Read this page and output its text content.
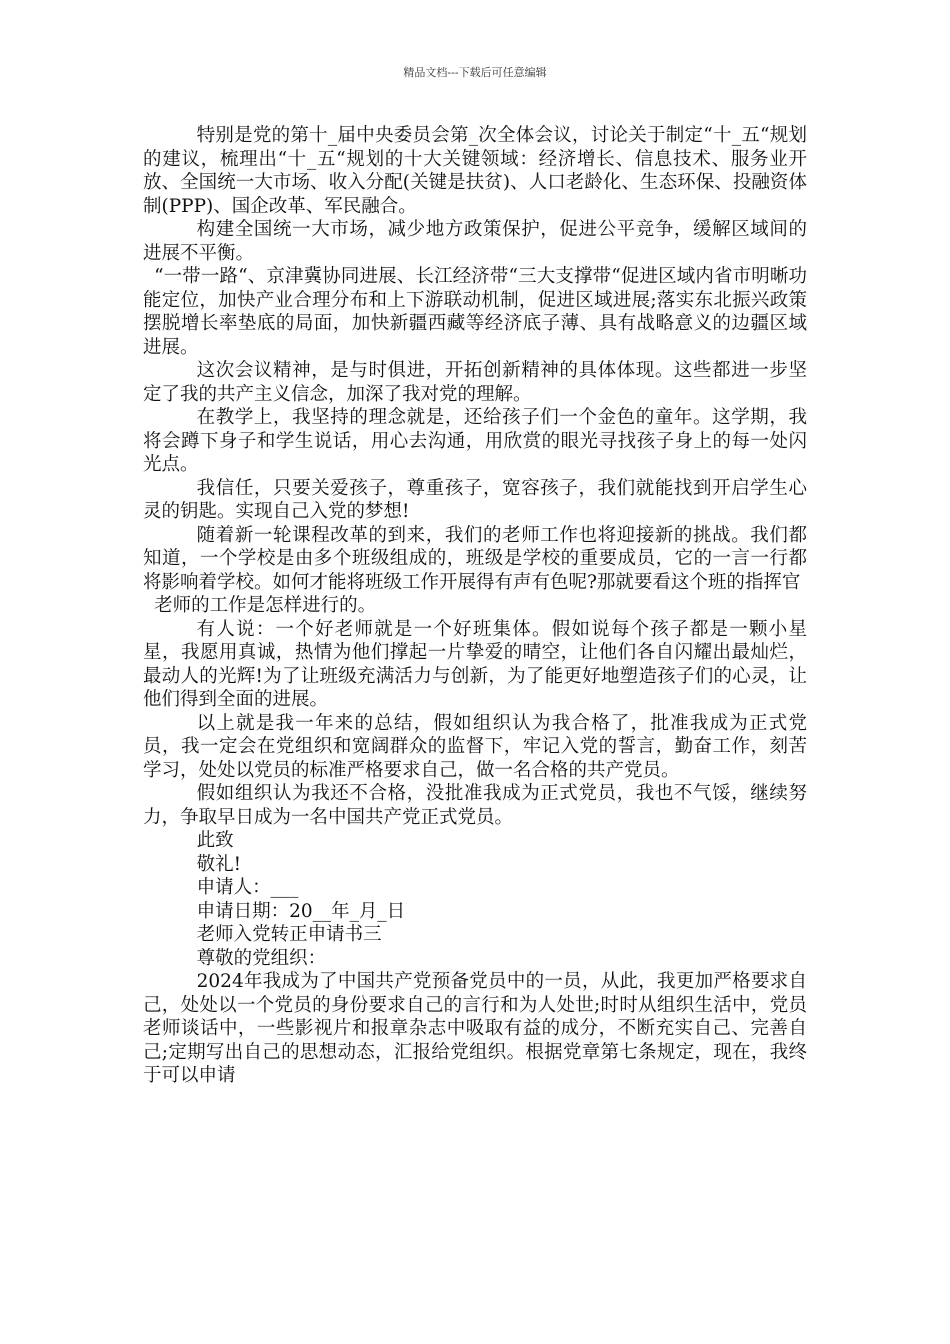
精品文档---下载后可任意编辑

特别是党的第十_届中央委员会第_次全体会议，讨论关于制定“十_五“规划的建议，梳理出“十_五“规划的十大关键领域：经济增长、信息技术、服务业开放、全国统一大市场、收入分配(关键是扶贫)、人口老龄化、生态环保、投融资体制(PPP)、国企改革、军民融合。

构建全国统一大市场，减少地方政策保护，促进公平竞争，缓解区域间的进展不平衡。

“一带一路“、京津冀协同进展、长江经济带“三大支撑带“促进区域内省市明晰功能定位，加快产业合理分布和上下游联动机制，促进区域进展;落实东北振兴政策摆脱增长率垫底的局面，加快新疆西藏等经济底子薄、具有战略意义的边疆区域进展。

这次会议精神，是与时俱进，开拓创新精神的具体体现。这些都进一步坚定了我的共产主义信念，加深了我对党的理解。

在教学上，我坚持的理念就是，还给孩子们一个金色的童年。这学期，我将会蹲下身子和学生说话，用心去沟通，用欣赏的眼光寻找孩子身上的每一处闪光点。

我信任，只要关爱孩子，尊重孩子，宽容孩子，我们就能找到开启学生心灵的钥匙。实现自己入党的梦想!

随着新一轮课程改革的到来，我们的老师工作也将迎接新的挑战。我们都知道，一个学校是由多个班级组成的，班级是学校的重要成员，它的一言一行都将影响着学校。如何才能将班级工作开展得有声有色呢?那就要看这个班的指挥官

老师的工作是怎样进行的。

有人说：一个好老师就是一个好班集体。假如说每个孩子都是一颗小星星，我愿用真诚，热情为他们撑起一片挚爱的晴空，让他们各自闪耀出最灿烂，最动人的光辉!为了让班级充满活力与创新，为了能更好地塑造孩子们的心灵，让他们得到全面的进展。

以上就是我一年来的总结，假如组织认为我合格了，批准我成为正式党员，我一定会在党组织和宽阔群众的监督下，牢记入党的誓言，勤奋工作，刻苦学习，处处以党员的标准严格要求自己，做一名合格的共产党员。

假如组织认为我还不合格，没批准我成为正式党员，我也不气馁，继续努力，争取早日成为一名中国共产党正式党员。

此致

敬礼!

申请人：___

申请日期：20__年_月_日

老师入党转正申请书三

尊敬的党组织：

2024年我成为了中国共产党预备党员中的一员，从此，我更加严格要求自己，处处以一个党员的身份要求自己的言行和为人处世;时时从组织生活中，党员老师谈话中，一些影视片和报章杂志中吸取有益的成分，不断充实自己、完善自己;定期写出自己的思想动态，汇报给党组织。根据党章第七条规定，现在，我终于可以申请
